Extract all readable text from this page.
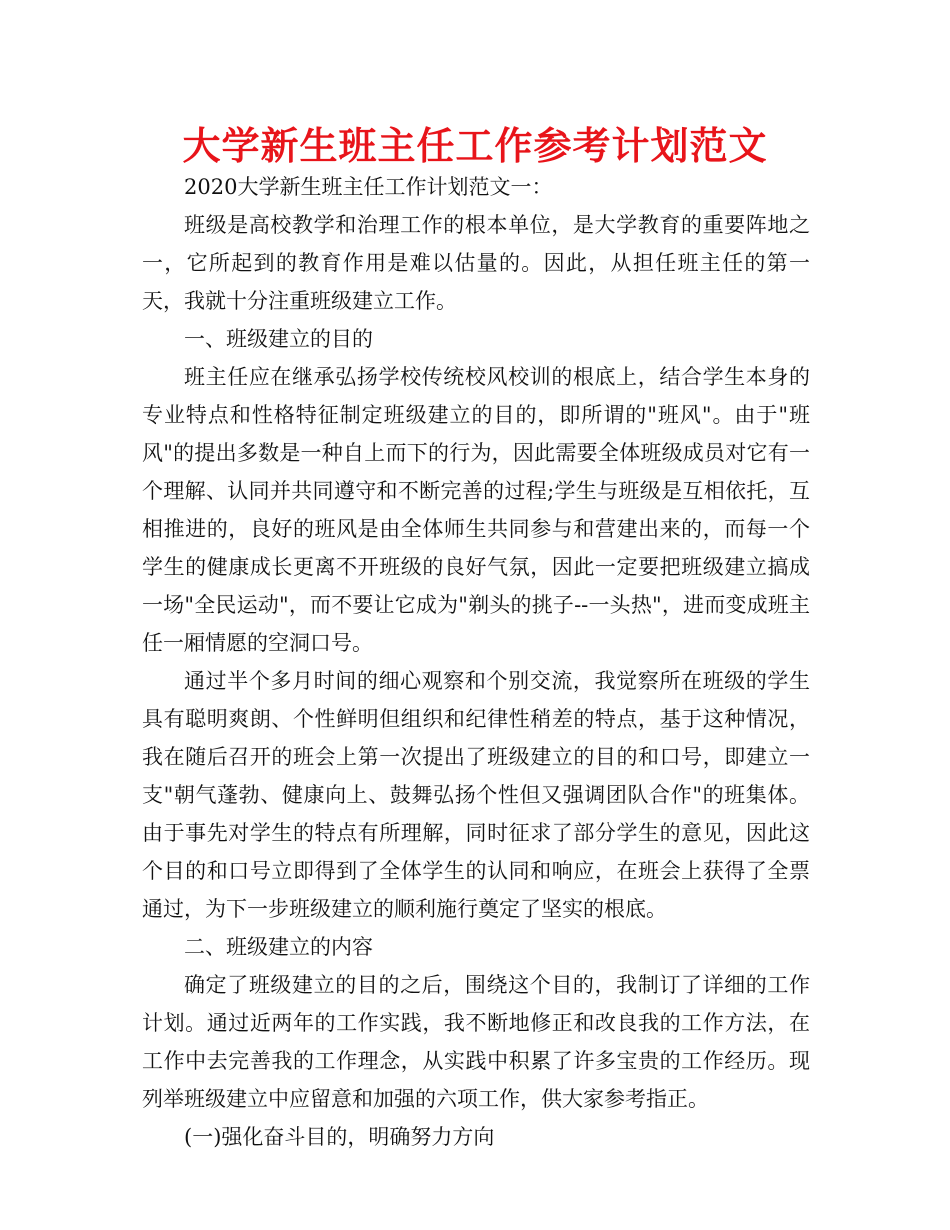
大学新生班主任工作参考计划范文

2020大学新生班主任工作计划范文一：

班级是高校教学和治理工作的根本单位，是大学教育的重要阵地之一，它所起到的教育作用是难以估量的。因此，从担任班主任的第一天，我就十分注重班级建立工作。

一、班级建立的目的

班主任应在继承弘扬学校传统校风校训的根底上，结合学生本身的专业特点和性格特征制定班级建立的目的，即所谓的"班风"。由于"班风"的提出多数是一种自上而下的行为，因此需要全体班级成员对它有一个理解、认同并共同遵守和不断完善的过程;学生与班级是互相依托，互相推进的，良好的班风是由全体师生共同参与和营建出来的，而每一个学生的健康成长更离不开班级的良好气氛，因此一定要把班级建立搞成一场"全民运动"，而不要让它成为"剃头的挑子--一头热"，进而变成班主任一厢情愿的空洞口号。

通过半个多月时间的细心观察和个别交流，我觉察所在班级的学生具有聪明爽朗、个性鲜明但组织和纪律性稍差的特点，基于这种情况，我在随后召开的班会上第一次提出了班级建立的目的和口号，即建立一支"朝气蓬勃、健康向上、鼓舞弘扬个性但又强调团队合作"的班集体。由于事先对学生的特点有所理解，同时征求了部分学生的意见，因此这个目的和口号立即得到了全体学生的认同和响应，在班会上获得了全票通过，为下一步班级建立的顺利施行奠定了坚实的根底。

二、班级建立的内容

确定了班级建立的目的之后，围绕这个目的，我制订了详细的工作计划。通过近两年的工作实践，我不断地修正和改良我的工作方法，在工作中去完善我的工作理念，从实践中积累了许多宝贵的工作经历。现列举班级建立中应留意和加强的六项工作，供大家参考指正。

(一)强化奋斗目的，明确努力方向
